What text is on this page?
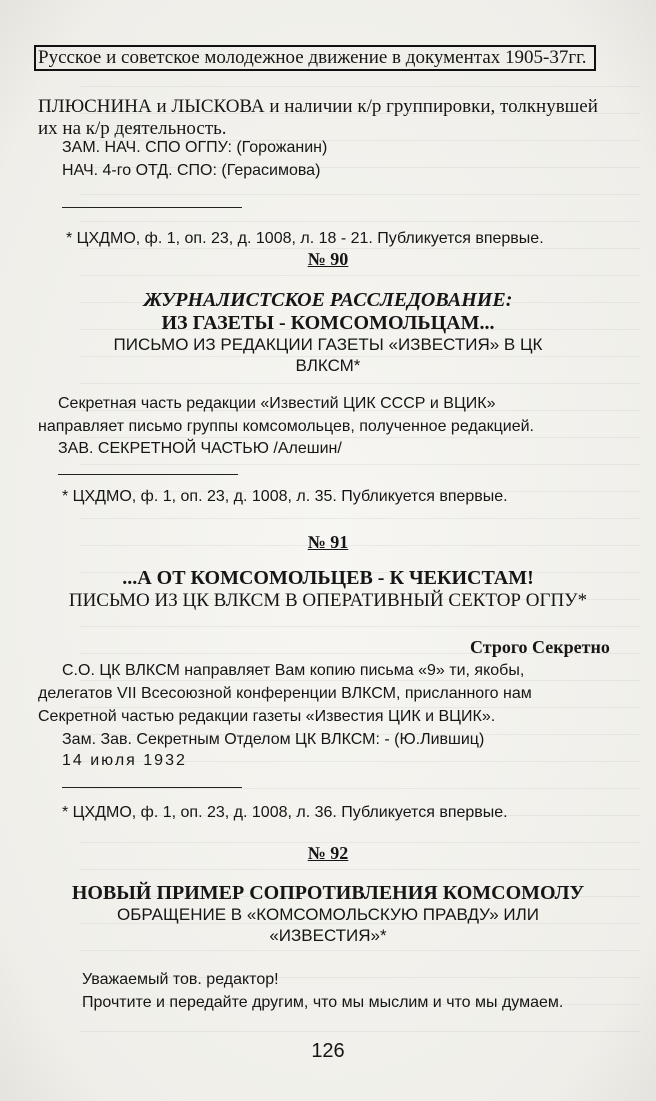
Русское и советское молодежное движение в документах 1905-37гг.
ПЛЮСНИНА и ЛЫСКОВА и наличии к/р группировки, толкнувшей
их на к/р деятельность.
ЗАМ. НАЧ. СПО ОГПУ: (Горожанин)
НАЧ. 4-го ОТД. СПО: (Герасимова)
* ЦХДМО, ф. 1, оп. 23, д. 1008, л. 18 - 21. Публикуется впервые.
№ 90
ЖУРНАЛИСТСКОЕ РАССЛЕДОВАНИЕ:
ИЗ ГАЗЕТЫ - КОМСОМОЛЬЦАМ...
ПИСЬМО ИЗ РЕДАКЦИИ ГАЗЕТЫ «ИЗВЕСТИЯ» В ЦК
ВЛКСМ*
Секретная часть редакции «Известий ЦИК СССР и ВЦИК»
направляет письмо группы комсомольцев, полученное редакцией.
ЗАВ. СЕКРЕТНОЙ ЧАСТЬЮ /Алешин/
* ЦХДМО, ф. 1, оп. 23, д. 1008, л. 35. Публикуется впервые.
№ 91
...А ОТ КОМСОМОЛЬЦЕВ - К ЧЕКИСТАМ!
ПИСЬМО ИЗ ЦК ВЛКСМ В ОПЕРАТИВНЫЙ СЕКТОР ОГПУ*
Строго Секретно
С.О. ЦК ВЛКСМ направляет Вам копию письма «9» ти, якобы,
делегатов VII Всесоюзной конференции ВЛКСМ, присланного нам
Секретной частью редакции газеты «Известия ЦИК и ВЦИК».
Зам. Зав. Секретным Отделом ЦК ВЛКСМ: - (Ю.Лившиц)
14 июля 1932
* ЦХДМО, ф. 1, оп. 23, д. 1008, л. 36. Публикуется впервые.
№ 92
НОВЫЙ ПРИМЕР СОПРОТИВЛЕНИЯ КОМСОМОЛУ
ОБРАЩЕНИЕ В «КОМСОМОЛЬСКУЮ ПРАВДУ» ИЛИ
«ИЗВЕСТИЯ»*
Уважаемый тов. редактор!
Прочтите и передайте другим, что мы мыслим и что мы думаем.
126
